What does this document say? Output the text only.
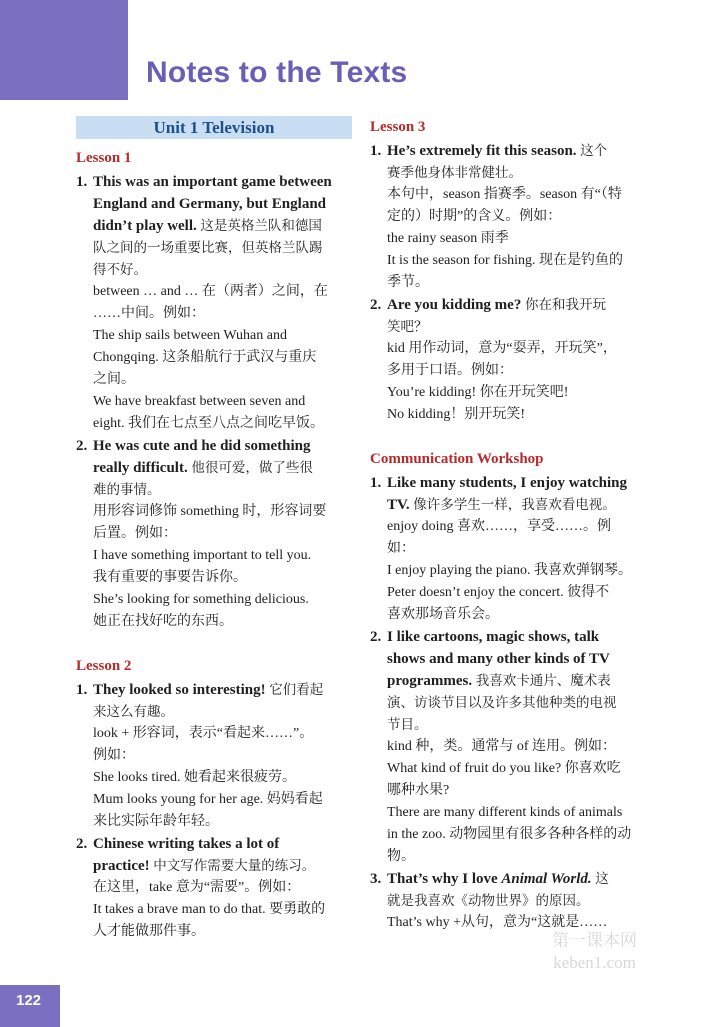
Notes to the Texts
Unit 1 Television
Lesson 1
1. This was an important game between
England and Germany, but England
didn’t play well. 这是英格兰队和德国
队之间的一场重要比赛，但英格兰队踢
得不好。
between … and … 在（两者）之间，在
……中间。例如：
The ship sails between Wuhan and
Chongqing. 这条船航行于武汉与重庆
之间。
We have breakfast between seven and
eight. 我们在七点至八点之间吃早饭。
2. He was cute and he did something
really difficult. 他很可爱，做了些很
难的事情。
用形容词修饰 something 时，形容词要
后置。例如：
I have something important to tell you.
我有重要的事要告诉你。
She’s looking for something delicious.
她正在找好吃的东西。
Lesson 2
1. They looked so interesting! 它们看起
来这么有趣。
look + 形容词，表示“看起来……”。
例如：
She looks tired. 她看起来很疲劳。
Mum looks young for her age. 妈妈看起
来比实际年龄年轻。
2. Chinese writing takes a lot of
practice! 中文写作需要大量的练习。
在这里，take 意为“需要”。例如：
It takes a brave man to do that. 要勇敢的
人才能做那件事。
Lesson 3
1. He’s extremely fit this season. 这个
赛季他身体非常健壮。
本句中，season 指赛季。season 有“（特
定的）时期”的含义。例如：
the rainy season 雨季
It is the season for fishing. 现在是钓鱼的
季节。
2. Are you kidding me? 你在和我开玩
笑吧？
kid 用作动词，意为“耍弄，开玩笑”，
多用于口语。例如：
You’re kidding! 你在开玩笑吧!
No kidding！别开玩笑!
Communication Workshop
1. Like many students, I enjoy watching
TV. 像许多学生一样，我喜欢看电视。
enjoy doing 喜欢……，享受……。例
如：
I enjoy playing the piano. 我喜欢弹钢琴。
Peter doesn’t enjoy the concert. 彼得不
喜欢那场音乐会。
2. I like cartoons, magic shows, talk
shows and many other kinds of TV
programmes. 我喜欢卡通片、魔术表
演、访谈节目以及许多其他种类的电视
节目。
kind 种，类。通常与 of 连用。例如：
What kind of fruit do you like? 你喜欢吃
哪种水果?
There are many different kinds of animals
in the zoo. 动物园里有很多各种各样的动
物。
3. That’s why I love Animal World. 这
就是我喜欢《动物世界》的原因。
That’s why +从句，意为“这就是……
第一课本网
keben1.com
122
